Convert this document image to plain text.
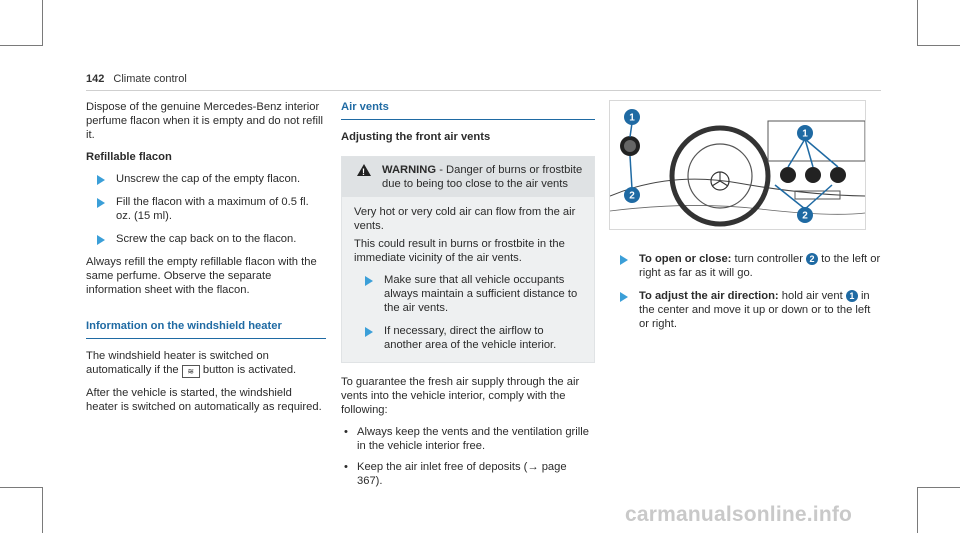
142 Climate control

Dispose of the genuine Mercedes-Benz interior perfume flacon when it is empty and do not refill it.

Refillable flacon
Unscrew the cap of the empty flacon.
Fill the flacon with a maximum of 0.5 fl. oz. (15 ml).
Screw the cap back on to the flacon.

Always refill the empty refillable flacon with the same perfume. Observe the separate information sheet with the flacon.

Information on the windshield heater

The windshield heater is switched on automatically if the ≋ button is activated.

After the vehicle is started, the windshield heater is switched on automatically as required.

Air vents
Adjusting the front air vents
!
WARNING - Danger of burns or frostbite due to being too close to the air vents

Very hot or very cold air can flow from the air vents.

This could result in burns or frostbite in the immediate vicinity of the air vents.

Make sure that all vehicle occupants always maintain a sufficient distance to the air vents.
If necessary, direct the airflow to another area of the vehicle interior.

To guarantee the fresh air supply through the air vents into the vehicle interior, comply with the following:

• Always keep the vents and the ventilation grille in the vehicle interior free.
• Keep the air inlet free of deposits (→ page 367).
1
1
2
2
To open or close: turn controller 2 to the left or right as far as it will go.
To adjust the air direction: hold air vent 1 in the center and move it up or down or to the left or right.
carmanualsonline.info
